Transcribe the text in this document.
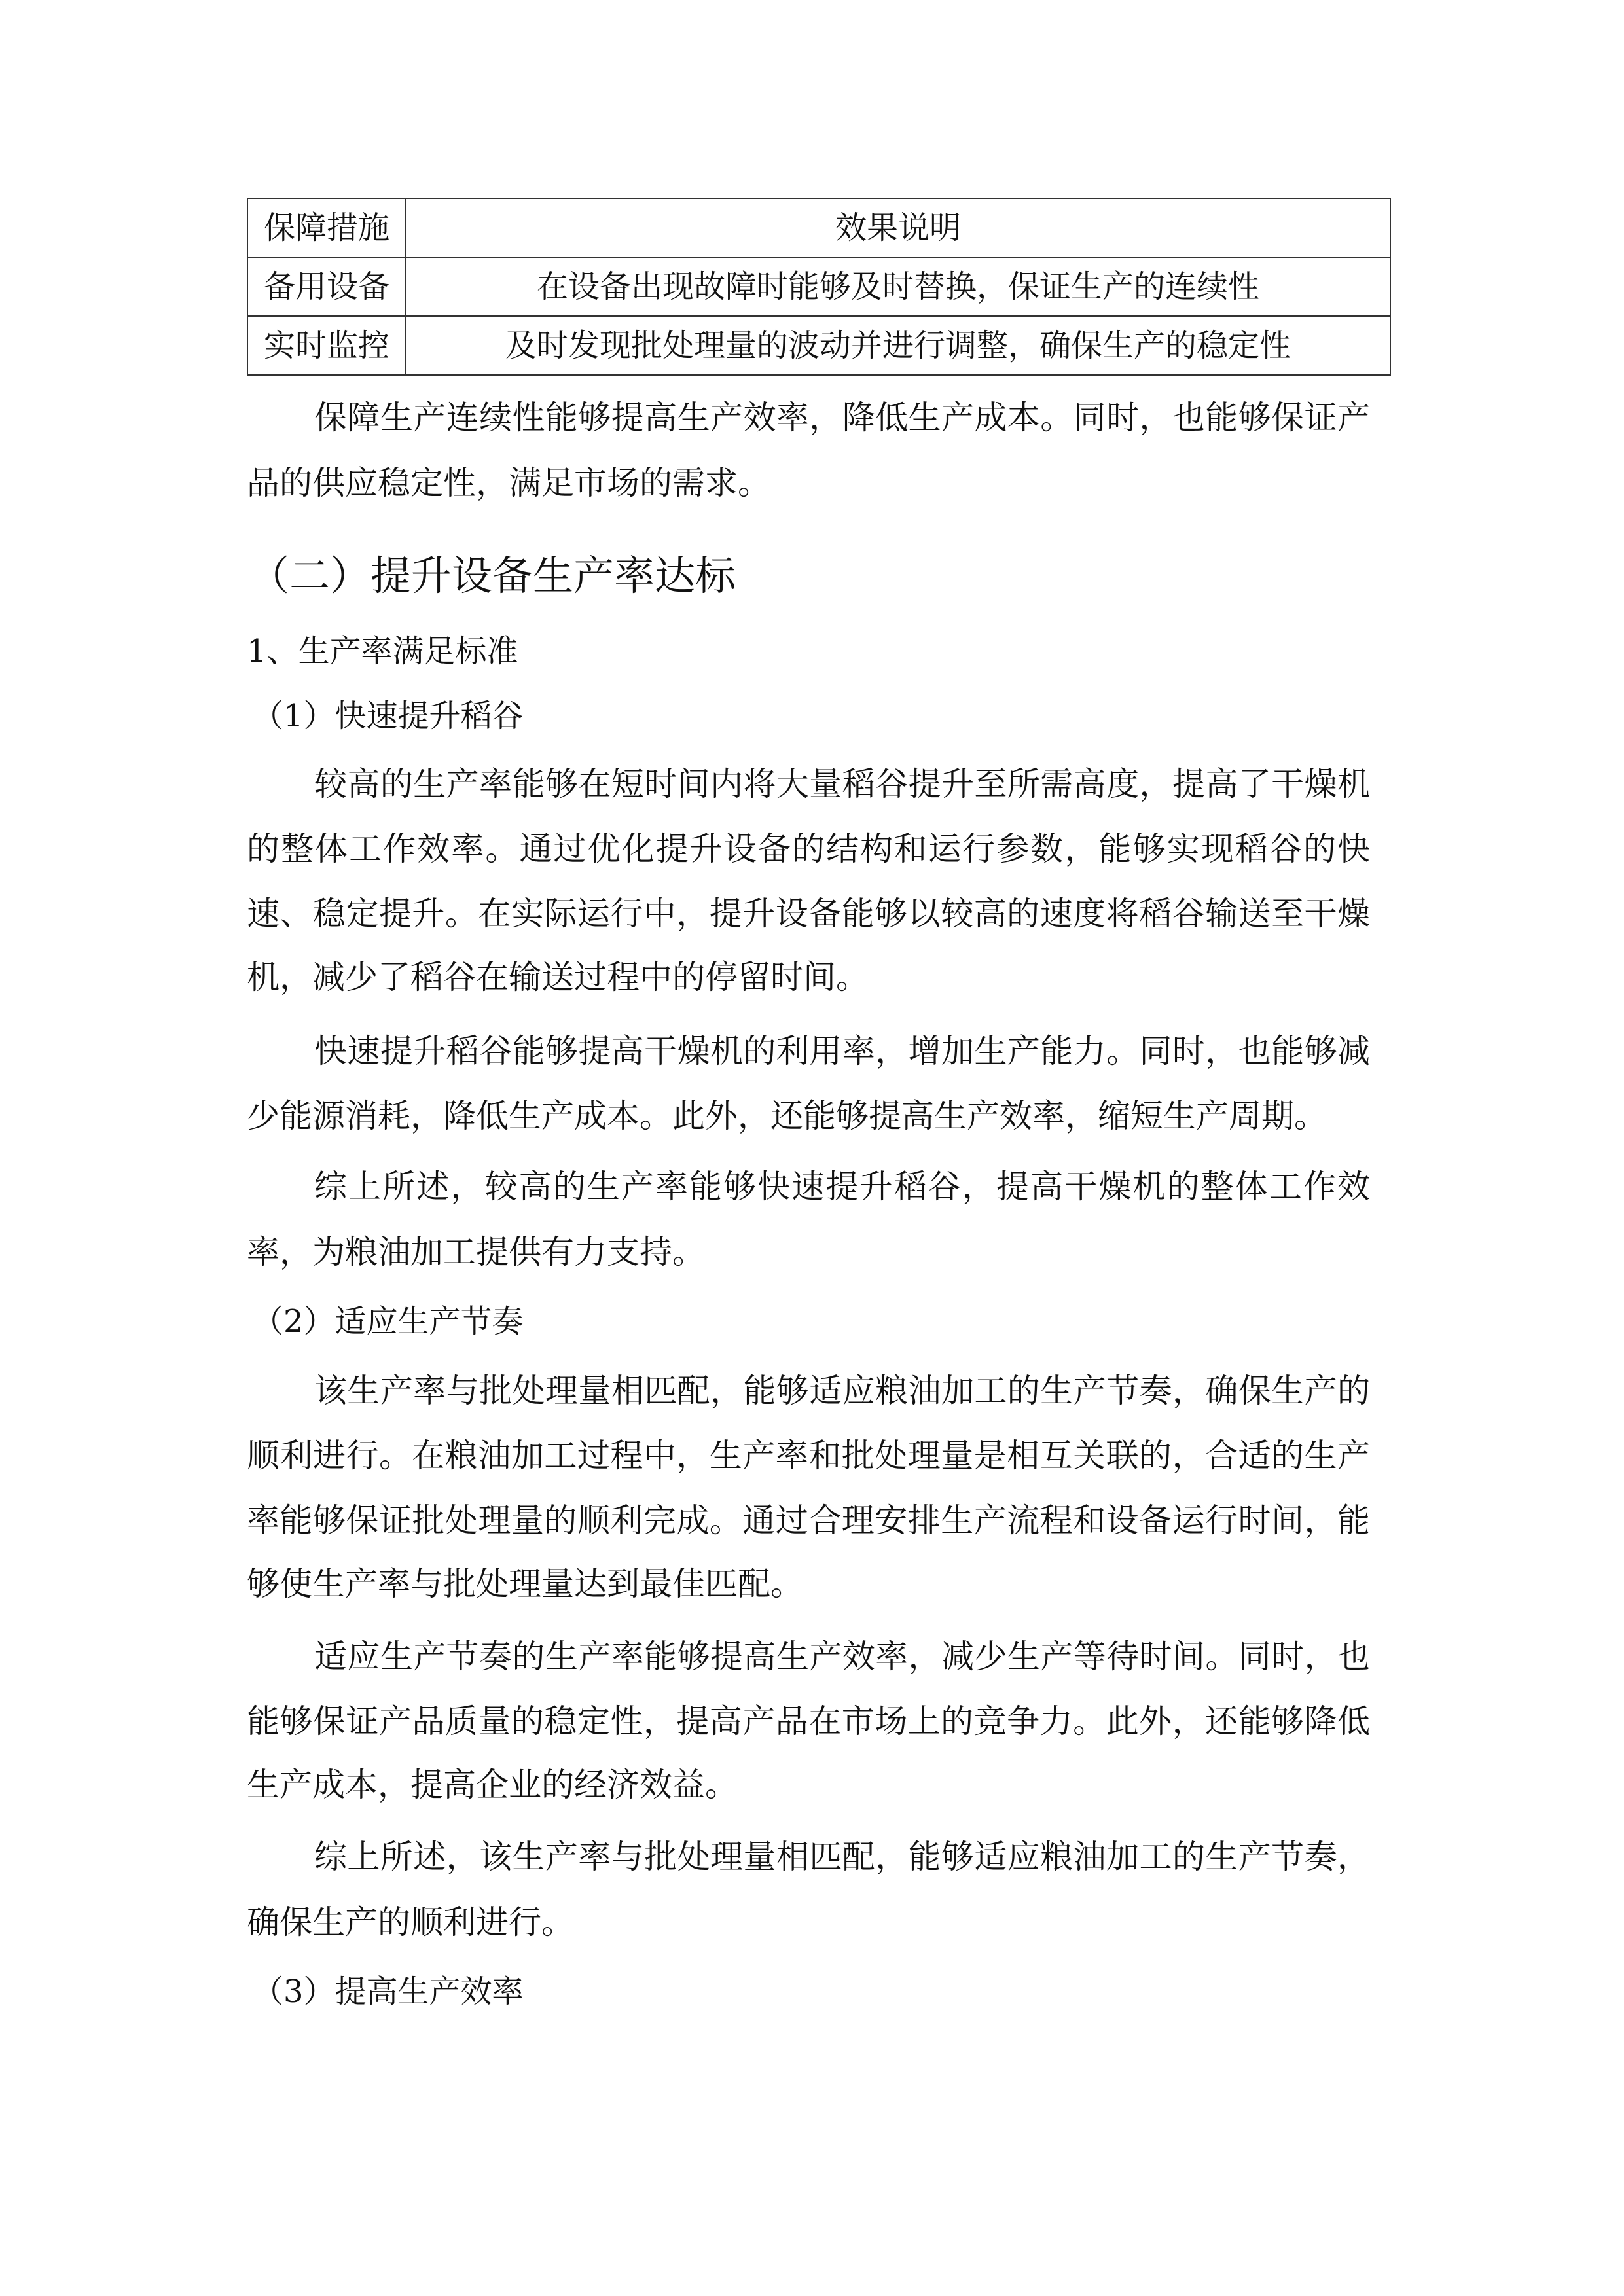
保障措施	效果说明
备用设备	在设备出现故障时能够及时替换，保证生产的连续性
实时监控	及时发现批处理量的波动并进行调整，确保生产的稳定性
保障生产连续性能够提高生产效率，降低生产成本。同时，也能够保证产
品的供应稳定性，满足市场的需求。
（二）提升设备生产率达标
1、生产率满足标准
（1）快速提升稻谷
较高的生产率能够在短时间内将大量稻谷提升至所需高度，提高了干燥机
的整体工作效率。通过优化提升设备的结构和运行参数，能够实现稻谷的快
速、稳定提升。在实际运行中，提升设备能够以较高的速度将稻谷输送至干燥
机，减少了稻谷在输送过程中的停留时间。
快速提升稻谷能够提高干燥机的利用率，增加生产能力。同时，也能够减
少能源消耗，降低生产成本。此外，还能够提高生产效率，缩短生产周期。
综上所述，较高的生产率能够快速提升稻谷，提高干燥机的整体工作效
率，为粮油加工提供有力支持。
（2）适应生产节奏
该生产率与批处理量相匹配，能够适应粮油加工的生产节奏，确保生产的
顺利进行。在粮油加工过程中，生产率和批处理量是相互关联的，合适的生产
率能够保证批处理量的顺利完成。通过合理安排生产流程和设备运行时间，能
够使生产率与批处理量达到最佳匹配。
适应生产节奏的生产率能够提高生产效率，减少生产等待时间。同时，也
能够保证产品质量的稳定性，提高产品在市场上的竞争力。此外，还能够降低
生产成本，提高企业的经济效益。
综上所述，该生产率与批处理量相匹配，能够适应粮油加工的生产节奏，
确保生产的顺利进行。
（3）提高生产效率
